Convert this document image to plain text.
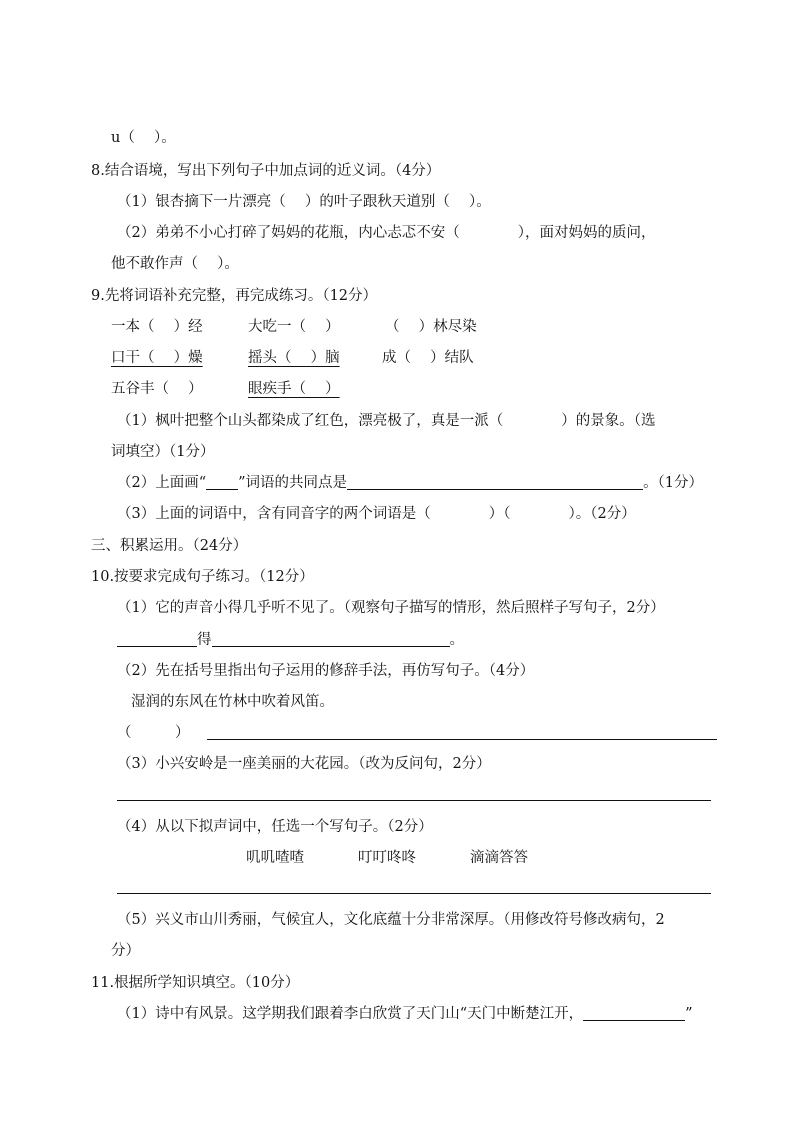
u（　 ）。
8.结合语境，写出下列句子中加点词的近义词。（4分）
（1）银杏摘下一片漂亮（　 ）的叶子跟秋天道别（　 ）。
（2）弟弟不小心打碎了妈妈的花瓶，内心忐忑不安（　　　　），面对妈妈的质问，
他不敢作声（　 ）。
9.先将词语补充完整，再完成练习。（12分）
一本（　 ）经	大吃一（　 ）	（　 ）林尽染
口干（　 ）燥	摇头（　 ）脑	成（　 ）结队
五谷丰（　 ）	眼疾手（　 ）
（1）枫叶把整个山头都染成了红色，漂亮极了，真是一派（　　　　）的景象。（选
词填空）（1分）
（2）上面画“ ”词语的共同点是	。（1分）
（3）上面的词语中，含有同音字的两个词语是（　　　　）（　　　　）。（2分）
三、积累运用。（24分）
10.按要求完成句子练习。（12分）
（1）它的声音小得几乎听不见了。（观察句子描写的情形，然后照样子写句子，2分）
得	。
（2）先在括号里指出句子运用的修辞手法，再仿写句子。（4分）
湿润的东风在竹林中吹着风笛。
（　　　）
（3）小兴安岭是一座美丽的大花园。（改为反问句，2分）
（4）从以下拟声词中，任选一个写句子。（2分）
叽叽喳喳	叮叮咚咚	滴滴答答
（5）兴义市山川秀丽，气候宜人，文化底蕴十分非常深厚。（用修改符号修改病句，2
分）
11.根据所学知识填空。（10分）
（1）诗中有风景。这学期我们跟着李白欣赏了天门山“天门中断楚江开，	”
